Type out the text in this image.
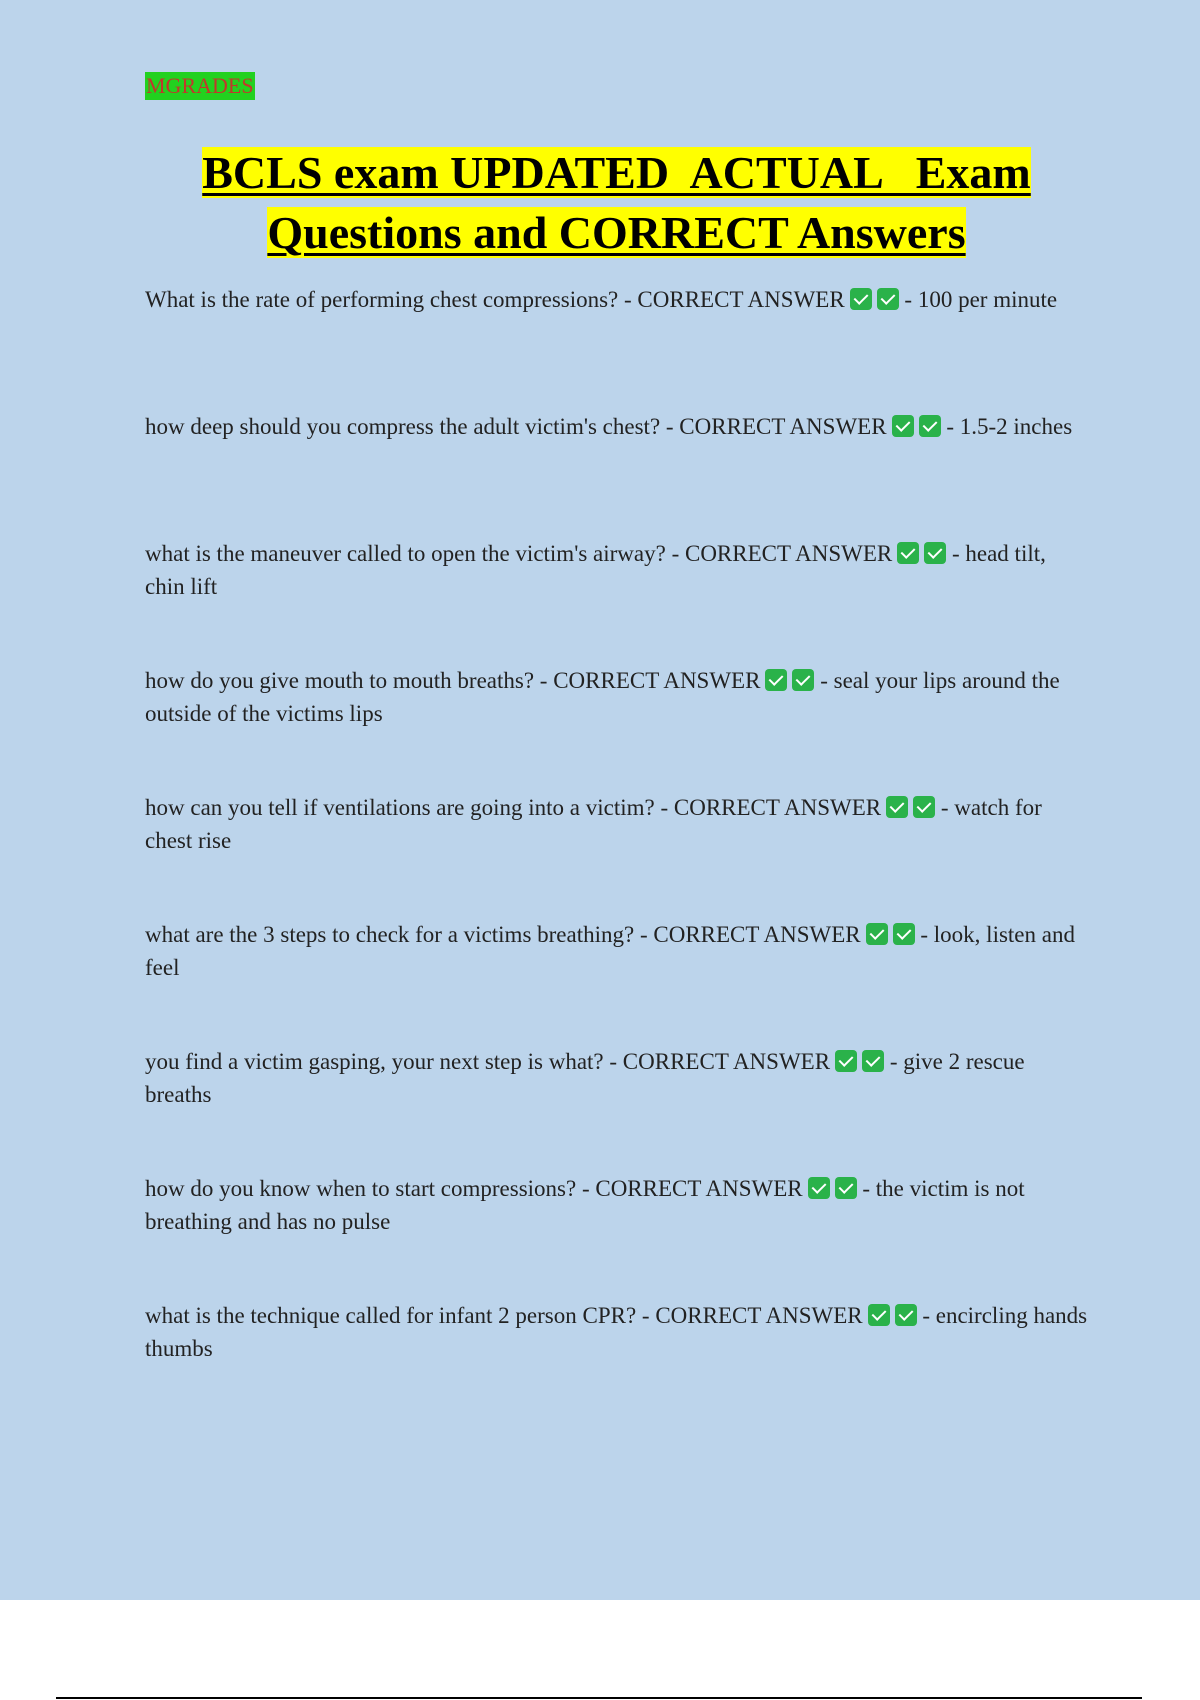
MGRADES
BCLS exam UPDATED  ACTUAL   Exam
Questions and CORRECT Answers
What is the rate of performing chest compressions? - CORRECT ANSWER - 100 per minute
how deep should you compress the adult victim's chest? - CORRECT ANSWER - 1.5-2 inches
what is the maneuver called to open the victim's airway? - CORRECT ANSWER - head tilt, chin lift
how do you give mouth to mouth breaths? - CORRECT ANSWER - seal your lips around the outside of the victims lips
how can you tell if ventilations are going into a victim? - CORRECT ANSWER - watch for chest rise
what are the 3 steps to check for a victims breathing? - CORRECT ANSWER - look, listen and feel
you find a victim gasping, your next step is what? - CORRECT ANSWER - give 2 rescue breaths
how do you know when to start compressions? - CORRECT ANSWER - the victim is not breathing and has no pulse
what is the technique called for infant 2 person CPR? - CORRECT ANSWER - encircling hands thumbs
